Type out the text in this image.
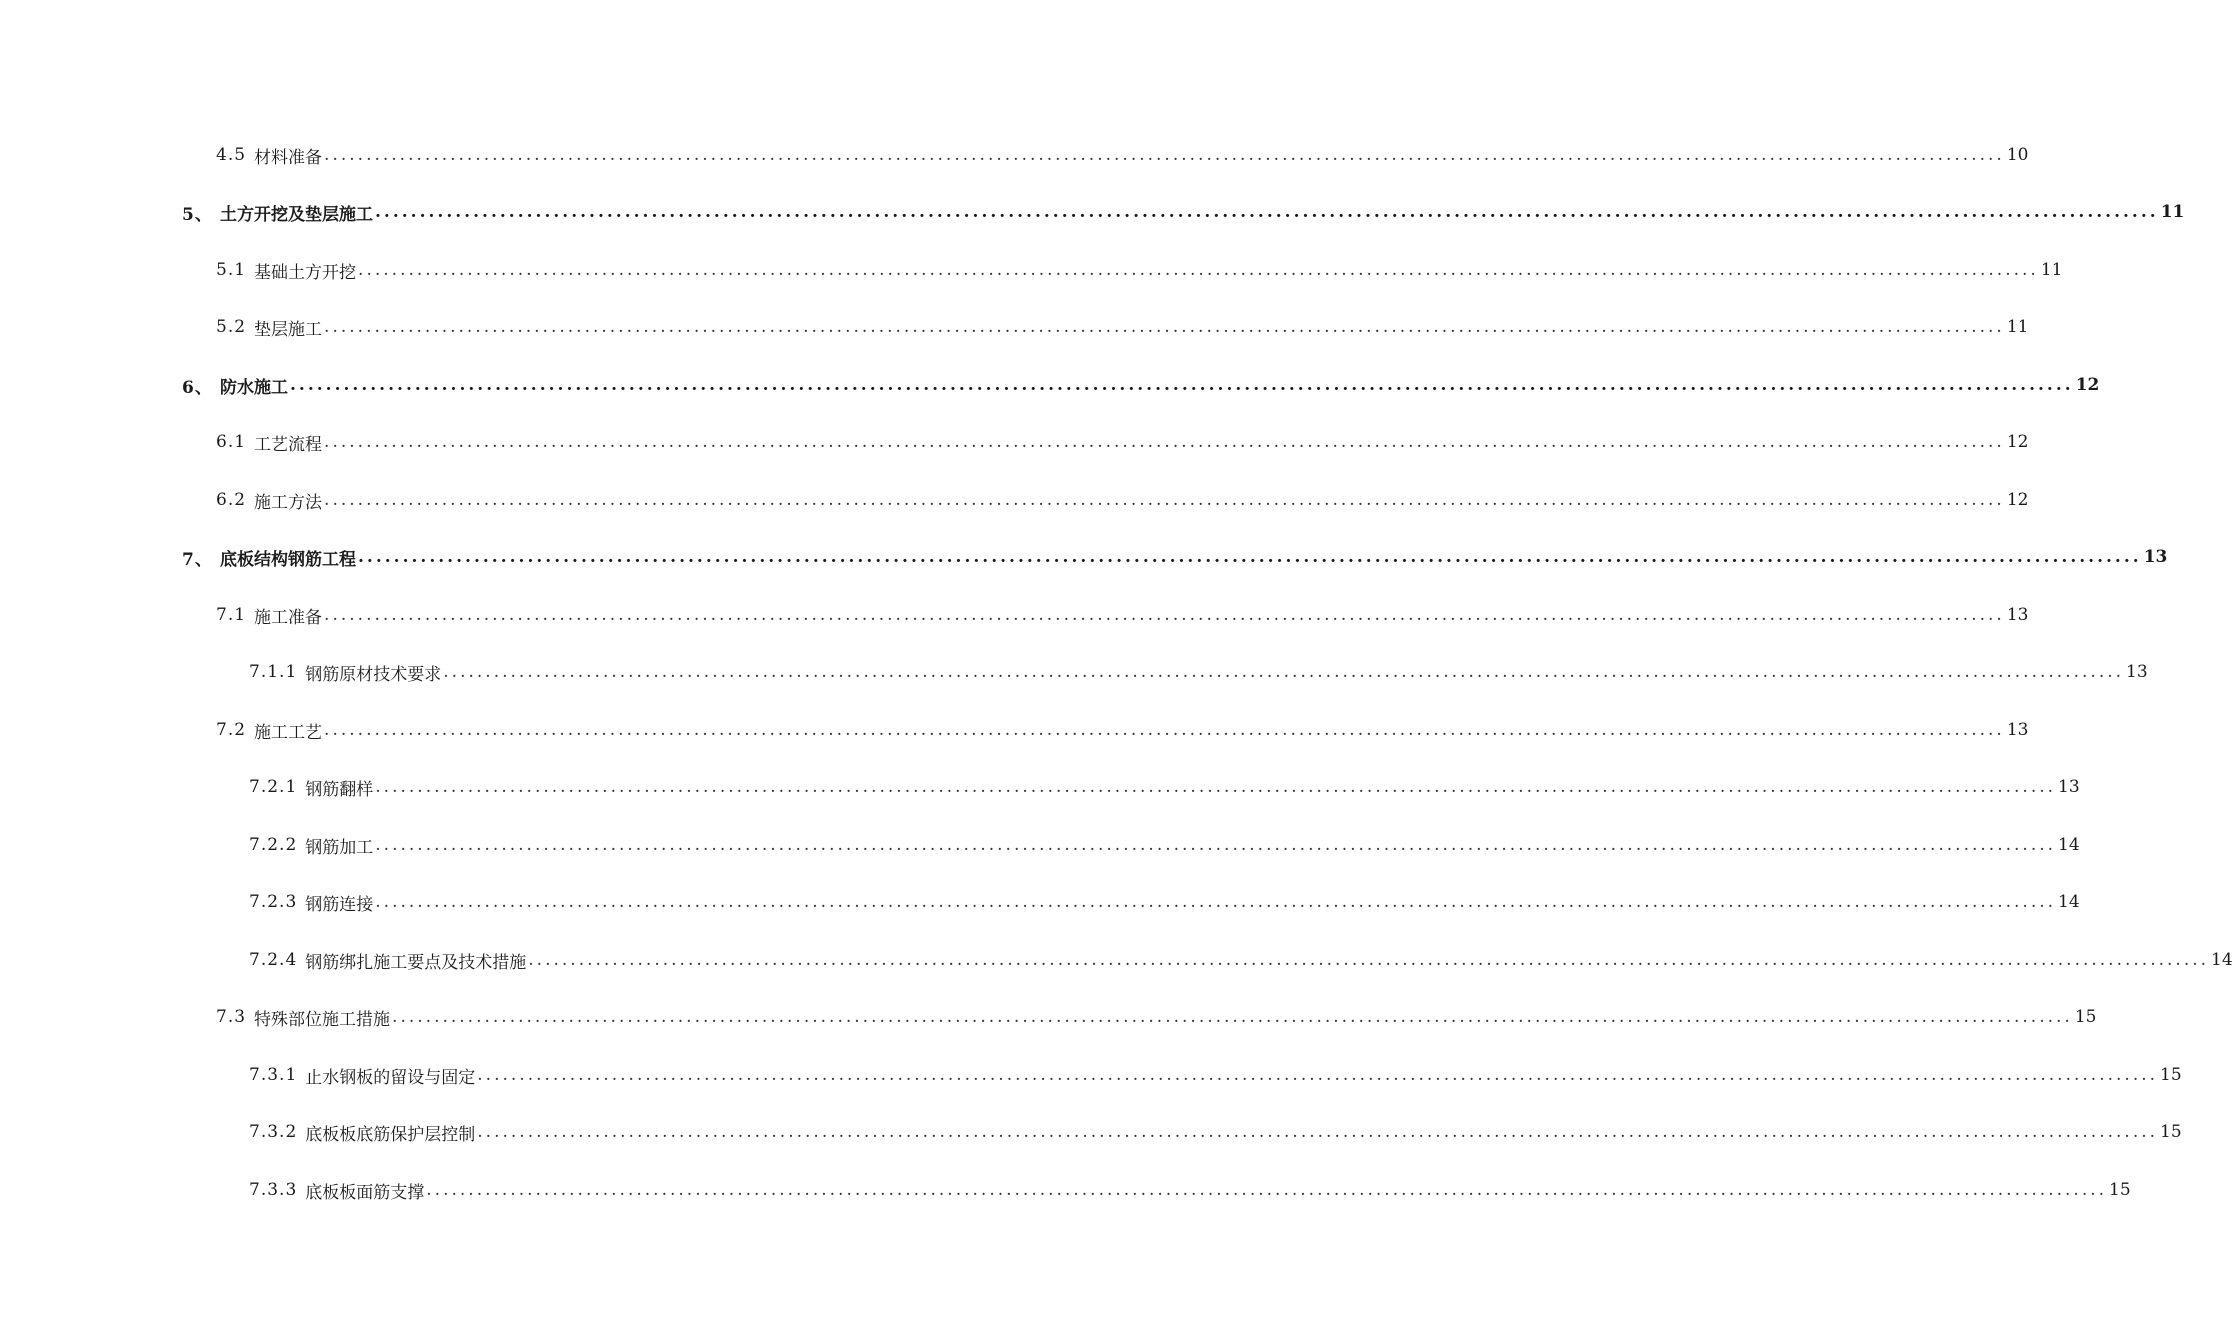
4.5 材料准备 ........................................................................................................................................................................................................ 10
5、 土方开挖及垫层施工 ........................................................................................................................................................................................................ 11
5.1 基础土方开挖 ........................................................................................................................................................................................................ 11
5.2 垫层施工 ........................................................................................................................................................................................................ 11
6、 防水施工 ........................................................................................................................................................................................................ 12
6.1 工艺流程 ........................................................................................................................................................................................................ 12
6.2 施工方法 ........................................................................................................................................................................................................ 12
7、 底板结构钢筋工程 ........................................................................................................................................................................................................ 13
7.1 施工准备 ........................................................................................................................................................................................................ 13
7.1.1 钢筋原材技术要求 ........................................................................................................................................................................................................ 13
7.2 施工工艺 ........................................................................................................................................................................................................ 13
7.2.1 钢筋翻样 ........................................................................................................................................................................................................ 13
7.2.2 钢筋加工 ........................................................................................................................................................................................................ 14
7.2.3 钢筋连接 ........................................................................................................................................................................................................ 14
7.2.4 钢筋绑扎施工要点及技术措施 ........................................................................................................................................................................................................ 14
7.3 特殊部位施工措施 ........................................................................................................................................................................................................ 15
7.3.1 止水钢板的留设与固定 ........................................................................................................................................................................................................ 15
7.3.2 底板板底筋保护层控制 ........................................................................................................................................................................................................ 15
7.3.3 底板板面筋支撑 ........................................................................................................................................................................................................ 15
